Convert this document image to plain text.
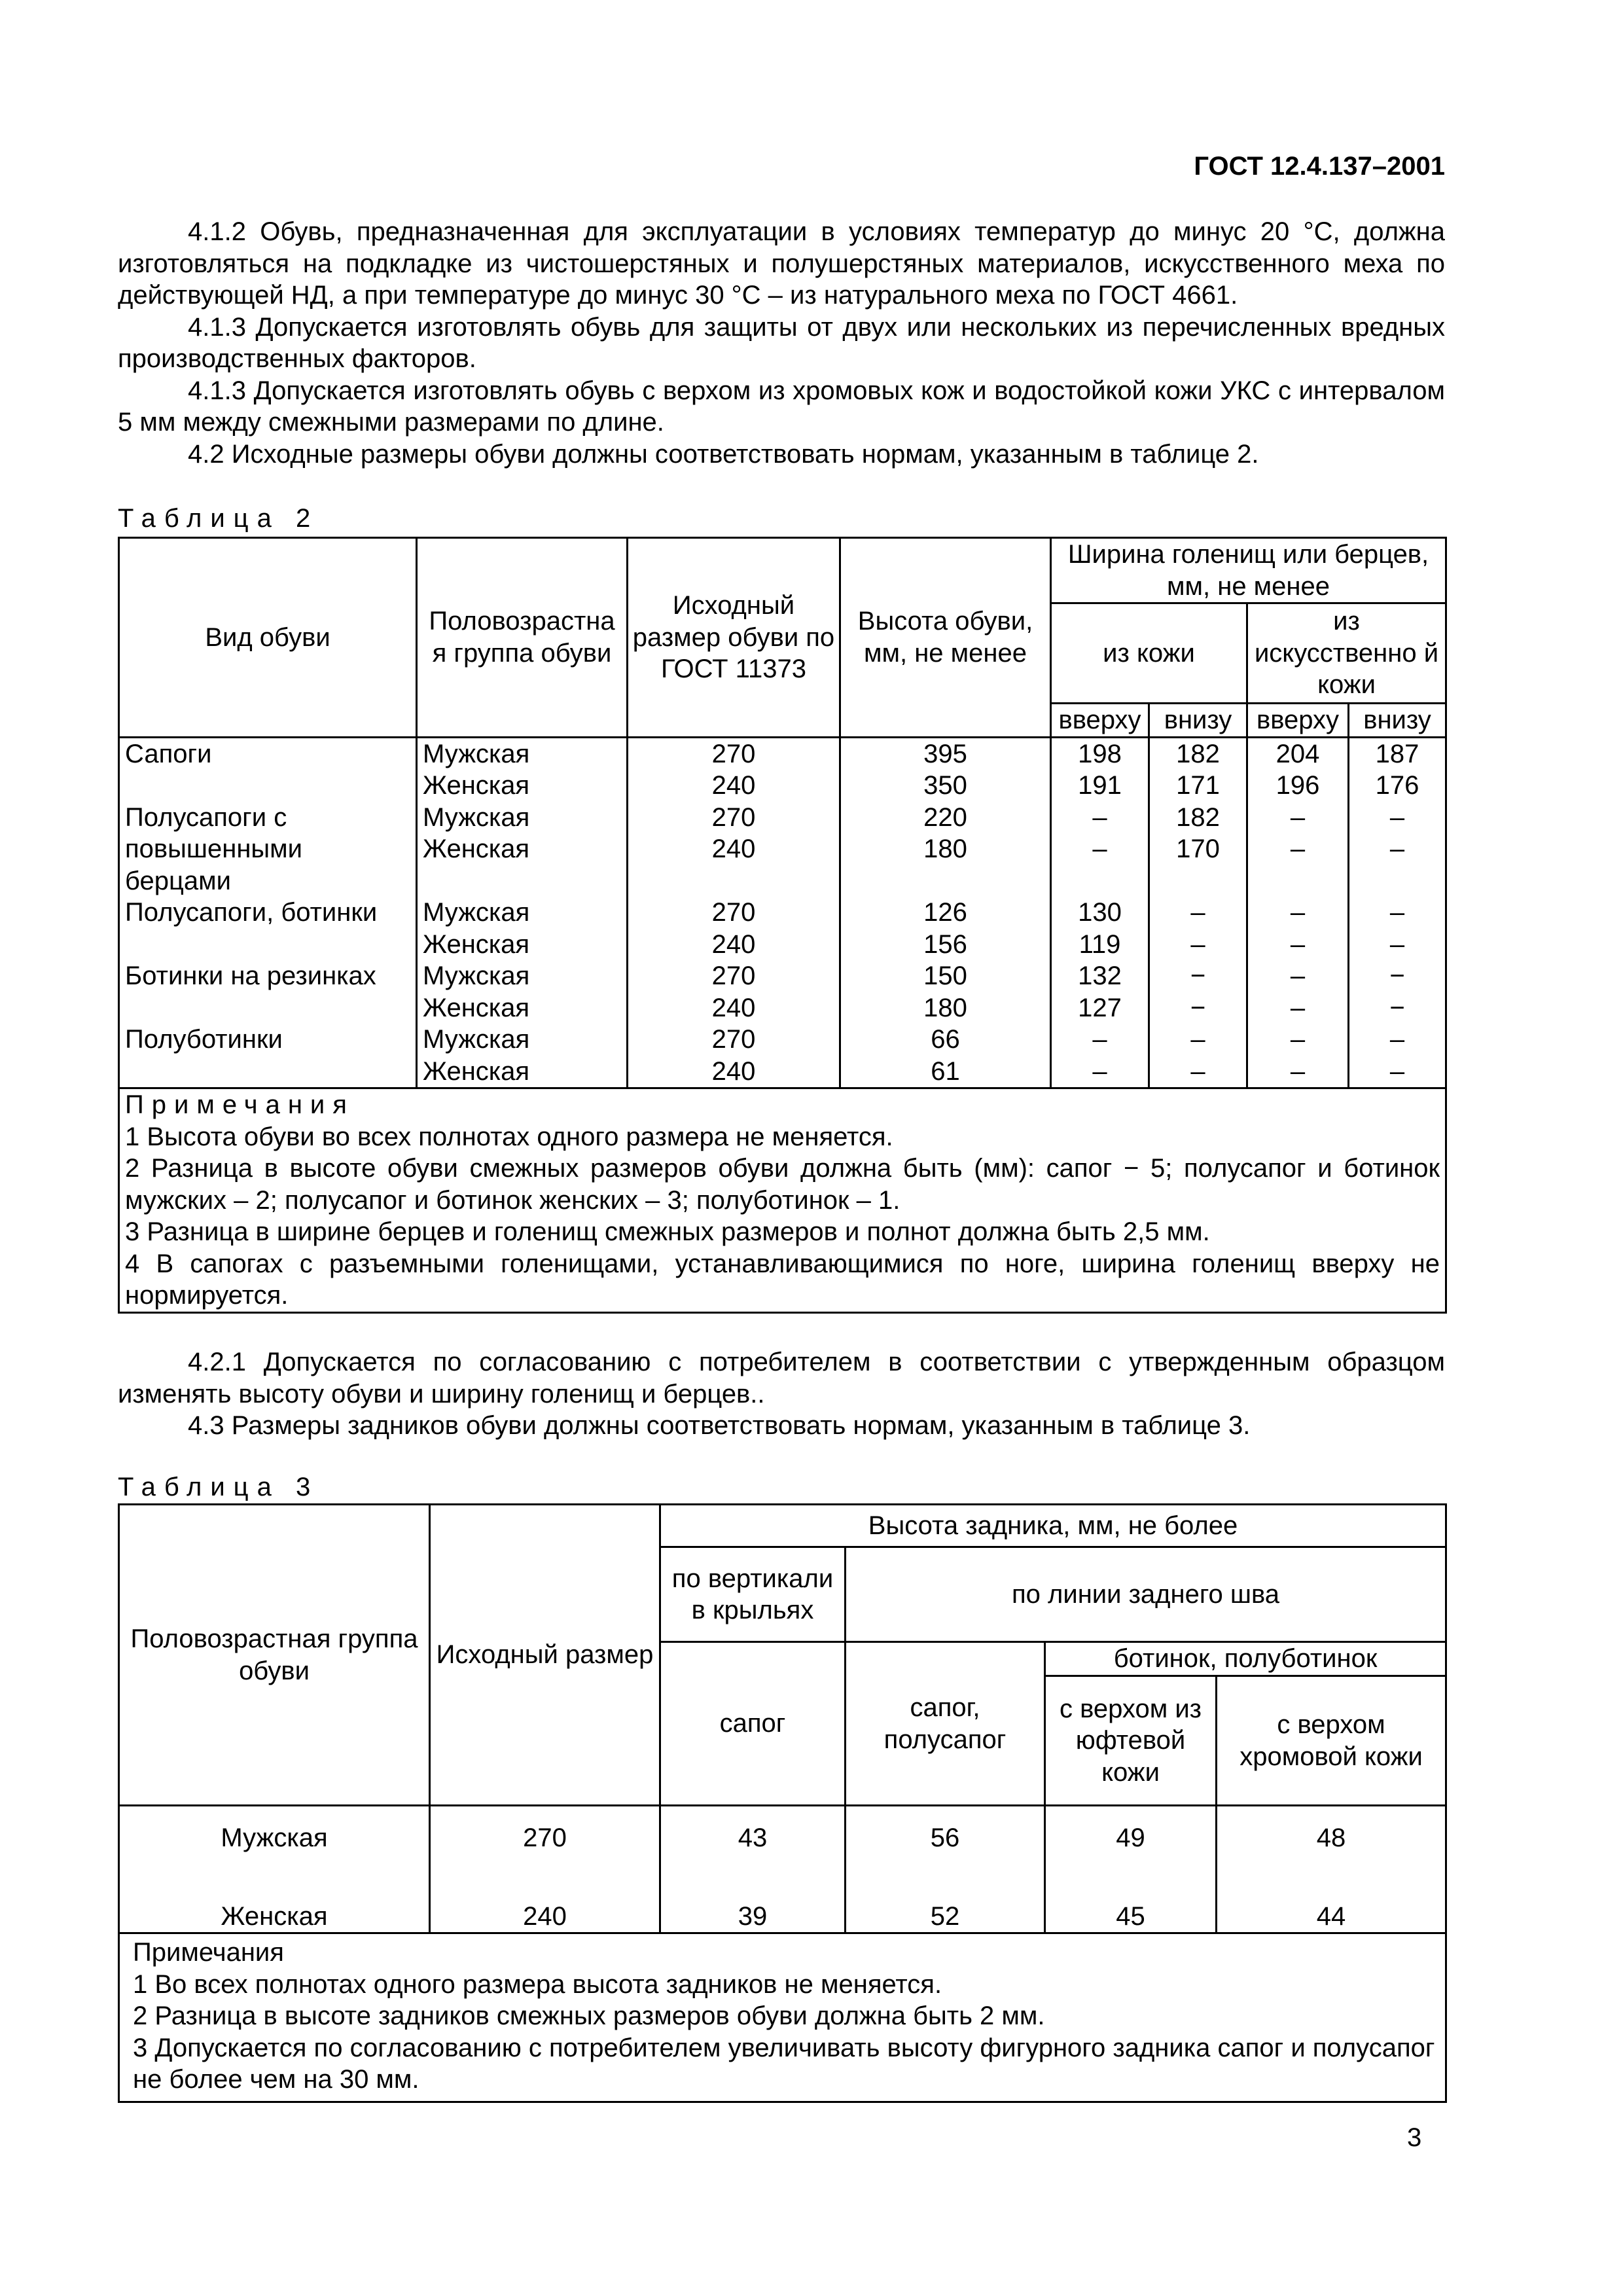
ГОСТ 12.4.137–2001

4.1.2 Обувь, предназначенная для эксплуатации в условиях температур до минус 20 °С, должна изготовляться на подкладке из чистошерстяных и полушерстяных материалов, искусственного меха по действующей НД, а при температуре до минус 30 °С – из натурального меха по ГОСТ 4661.

4.1.3 Допускается изготовлять обувь для защиты от двух или нескольких из перечисленных вредных производственных факторов.

4.1.3 Допускается изготовлять обувь с верхом из хромовых кож и водостойкой кожи УКС с интервалом 5 мм между смежными размерами по длине.

4.2 Исходные размеры обуви должны соответствовать нормам, указанным в таблице 2.

Таблица 2
Вид обуви	Половозрастна я группа обуви	Исходный размер обуви по ГОСТ 11373	Высота обуви, мм, не менее	Ширина голенищ или берцев, мм, не менее			
				из кожи		из искусственно й кожи	
				вверху	внизу	вверху	внизу
Сапоги	Мужская	270	395	198	182	204	187
	Женская	240	350	191	171	196	176
Полусапоги с	Мужская	270	220	–	182	–	–
повышенными	Женская	240	180	–	170	–	–
берцами							
Полусапоги, ботинки	Мужская	270	126	130	–	–	–
	Женская	240	156	119	–	–	–
Ботинки на резинках	Мужская	270	150	132	−	–	−
	Женская	240	180	127	−	–	−
Полуботинки	Мужская	270	66	–	–	–	–
	Женская	240	61	–	–	–	–

Примечания
1 Высота обуви во всех полнотах одного размера не меняется.
2 Разница в высоте обуви смежных размеров обуви должна быть (мм): сапог − 5; полусапог и ботинок мужских – 2; полусапог и ботинок женских – 3; полуботинок – 1.
3 Разница в ширине берцев и голенищ смежных размеров и полнот должна быть 2,5 мм.
4 В сапогах с разъемными голенищами, устанавливающимися по ноге, ширина голенищ вверху не нормируется.							

4.2.1 Допускается по согласованию с потребителем в соответствии с утвержденным образцом изменять высоту обуви и ширину голенищ и берцев..

4.3 Размеры задников обуви должны соответствовать нормам, указанным в таблице 3.

Таблица 3
Половозрастная группа обуви	Исходный размер	Высота задника, мм, не более			
		по вертикали в крыльях	по линии заднего шва		
		сапог	сапог, полусапог	ботинок, полуботинок	
				с верхом из юфтевой кожи	с верхом хромовой кожи
Мужская	270	43	56	49	48
Женская	240	39	52	45	44

Примечания
1 Во всех полнотах одного размера высота задников не меняется.
2 Разница в высоте задников смежных размеров обуви должна быть 2 мм.
3 Допускается по согласованию с потребителем увеличивать высоту фигурного задника сапог и полусапог не более чем на 30 мм.					
3
